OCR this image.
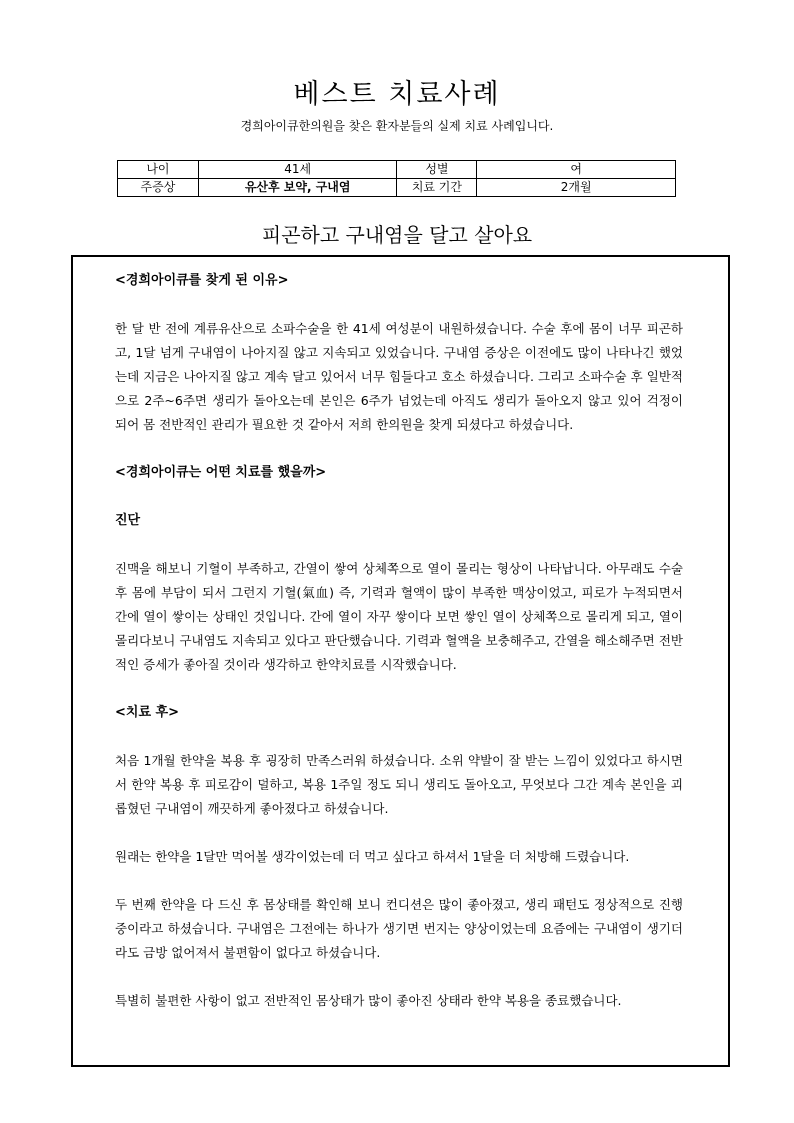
베스트 치료사례

경희아이큐한의원을 찾은 환자분들의 실제 치료 사례입니다.

나이	41세	성별	여
주증상	유산후 보약, 구내염	치료 기간	2개월
피곤하고 구내염을 달고 살아요
<경희아이큐를 찾게 된 이유>

한 달 반 전에 계류유산으로 소파수술을 한 41세 여성분이 내원하셨습니다. 수술 후에 몸이 너무 피곤하고, 1달 넘게 구내염이 나아지질 않고 지속되고 있었습니다. 구내염 증상은 이전에도 많이 나타나긴 했었는데 지금은 나아지질 않고 계속 달고 있어서 너무 힘들다고 호소 하셨습니다. 그리고 소파수술 후 일반적으로 2주~6주면 생리가 돌아오는데 본인은 6주가 넘었는데 아직도 생리가 돌아오지 않고 있어 걱정이 되어 몸 전반적인 관리가 필요한 것 같아서 저희 한의원을 찾게 되셨다고 하셨습니다.

<경희아이큐는 어떤 치료를 했을까>
진단

진맥을 해보니 기혈이 부족하고, 간열이 쌓여 상체쪽으로 열이 몰리는 형상이 나타납니다. 아무래도 수술 후 몸에 부담이 되서 그런지 기혈(氣血) 즉, 기력과 혈액이 많이 부족한 맥상이었고, 피로가 누적되면서 간에 열이 쌓이는 상태인 것입니다. 간에 열이 자꾸 쌓이다 보면 쌓인 열이 상체쪽으로 몰리게 되고, 열이 몰리다보니 구내염도 지속되고 있다고 판단했습니다. 기력과 혈액을 보충해주고, 간열을 해소해주면 전반적인 증세가 좋아질 것이라 생각하고 한약치료를 시작했습니다.

<치료 후>

처음 1개월 한약을 복용 후 굉장히 만족스러워 하셨습니다. 소위 약발이 잘 받는 느낌이 있었다고 하시면서 한약 복용 후 피로감이 덜하고, 복용 1주일 정도 되니 생리도 돌아오고, 무엇보다 그간 계속 본인을 괴롭혔던 구내염이 깨끗하게 좋아졌다고 하셨습니다.

원래는 한약을 1달만 먹어볼 생각이었는데 더 먹고 싶다고 하셔서 1달을 더 처방해 드렸습니다.

두 번째 한약을 다 드신 후 몸상태를 확인해 보니 컨디션은 많이 좋아졌고, 생리 패턴도 정상적으로 진행중이라고 하셨습니다. 구내염은 그전에는 하나가 생기면 번지는 양상이었는데 요즘에는 구내염이 생기더라도 금방 없어져서 불편함이 없다고 하셨습니다.

특별히 불편한 사항이 없고 전반적인 몸상태가 많이 좋아진 상태라 한약 복용을 종료했습니다.
